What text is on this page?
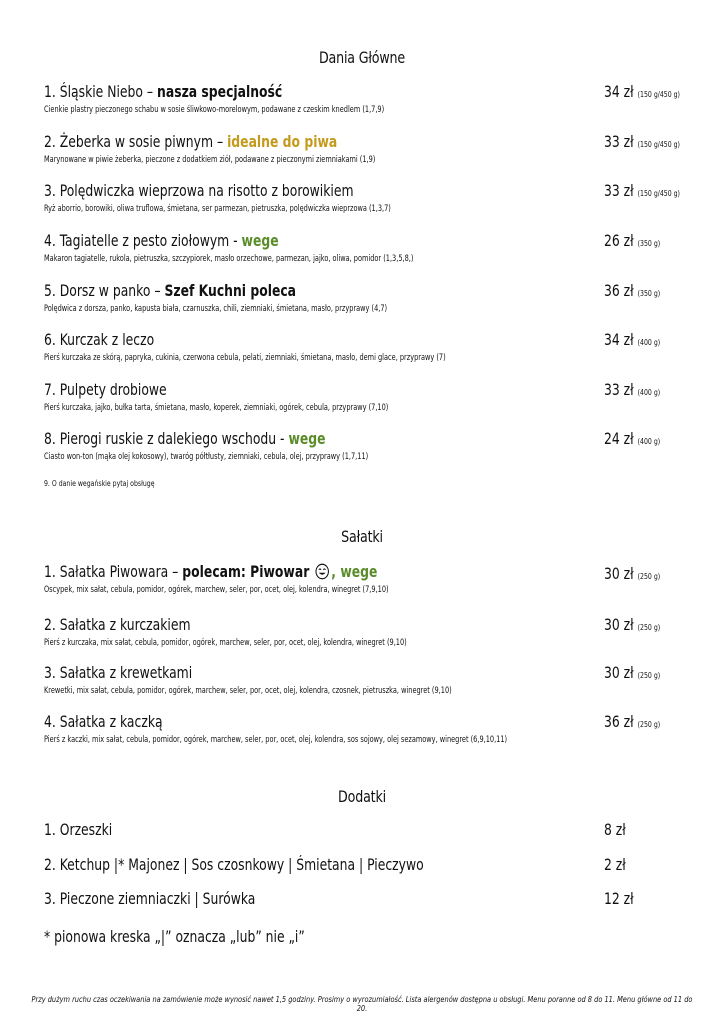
Dania Główne
1. Śląskie Niebo – nasza specjalność
Cienkie plastry pieczonego schabu w sosie śliwkowo-morelowym, podawane z czeskim knedlem (1,7,9)
34 zł (150 g/450 g)
2. Żeberka w sosie piwnym – idealne do piwa
Marynowane w piwie żeberka, pieczone z dodatkiem ziół, podawane z pieczonymi ziemniakami (1,9)
33 zł (150 g/450 g)
3. Polędwiczka wieprzowa na risotto z borowikiem
Ryż aborrio, borowiki, oliwa truflowa, śmietana, ser parmezan, pietruszka, polędwiczka wieprzowa (1,3,7)
33 zł (150 g/450 g)
4. Tagiatelle z pesto ziołowym - wege
Makaron tagiatelle, rukola, pietruszka, szczypiorek, masło orzechowe, parmezan, jajko, oliwa, pomidor (1,3,5,8,)
26 zł (350 g)
5. Dorsz w panko – Szef Kuchni poleca
Polędwica z dorsza, panko, kapusta biała, czarnuszka, chili, ziemniaki, śmietana, masło, przyprawy (4,7)
36 zł (350 g)
6. Kurczak z leczo
Pierś kurczaka ze skórą, papryka, cukinia, czerwona cebula, pelati, ziemniaki, śmietana, masło, demi glace, przyprawy (7)
34 zł (400 g)
7. Pulpety drobiowe
Pierś kurczaka, jajko, bułka tarta, śmietana, masło, koperek, ziemniaki, ogórek, cebula, przyprawy (7,10)
33 zł (400 g)
8. Pierogi ruskie z dalekiego wschodu - wege
Ciasto won-ton (mąka olej kokosowy), twaróg półtłusty, ziemniaki, cebula, olej, przyprawy (1,7,11)
24 zł (400 g)
9. O danie wegańskie pytaj obsługę
Sałatki
1. Sałatka Piwowara – polecam: Piwowar , wege
Oscypek, mix sałat, cebula, pomidor, ogórek, marchew, seler, por, ocet, olej, kolendra, winegret (7,9,10)
30 zł (250 g)
2. Sałatka z kurczakiem
Pierś z kurczaka, mix sałat, cebula, pomidor, ogórek, marchew, seler, por, ocet, olej, kolendra, winegret (9,10)
30 zł (250 g)
3. Sałatka z krewetkami
Krewetki, mix sałat, cebula, pomidor, ogórek, marchew, seler, por, ocet, olej, kolendra, czosnek, pietruszka, winegret (9,10)
30 zł (250 g)
4. Sałatka z kaczką
Pierś z kaczki, mix sałat, cebula, pomidor, ogórek, marchew, seler, por, ocet, olej, kolendra, sos sojowy, olej sezamowy, winegret (6,9,10,11)
36 zł (250 g)
Dodatki
1. Orzeszki	8 zł
2. Ketchup |* Majonez | Sos czosnkowy | Śmietana | Pieczywo	2 zł
3. Pieczone ziemniaczki | Surówka	12 zł
* pionowa kreska „|” oznacza „lub” nie „i”
Przy dużym ruchu czas oczekiwania na zamówienie może wynosić nawet 1,5 godziny. Prosimy o wyrozumiałość. Lista alergenów dostępna u obsługi. Menu poranne od 8 do 11. Menu główne od 11 do 20.
